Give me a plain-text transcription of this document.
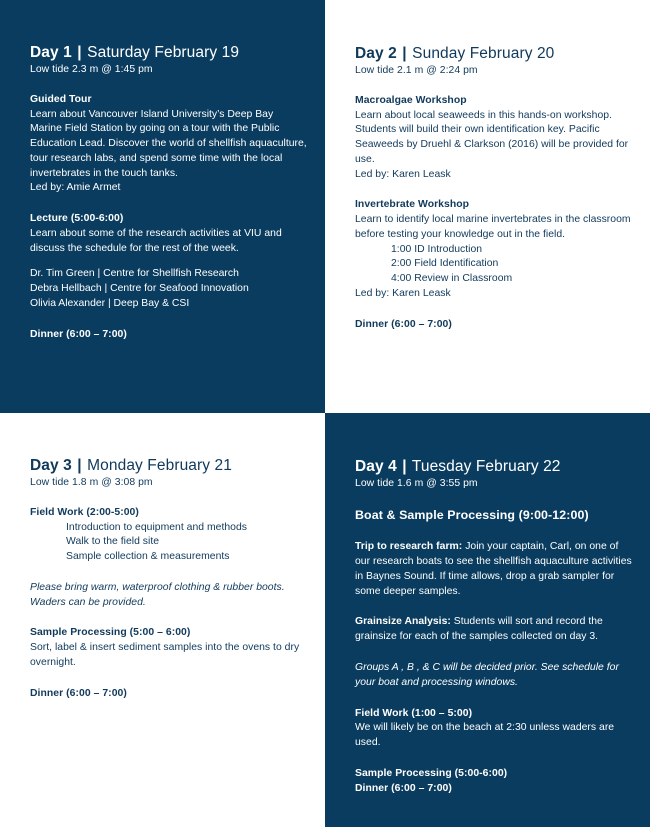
Day 1 | Saturday February 19
Low tide 2.3 m @ 1:45 pm
Guided Tour
Learn about Vancouver Island University’s Deep Bay Marine Field Station by going on a tour with the Public Education Lead. Discover the world of shellfish aquaculture, tour research labs, and spend some time with the local invertebrates in the touch tanks.
Led by: Amie Armet
Lecture (5:00-6:00)
Learn about some of the research activities at VIU and discuss the schedule for the rest of the week.
Dr. Tim Green | Centre for Shellfish Research
Debra Hellbach | Centre for Seafood Innovation
Olivia Alexander | Deep Bay & CSI
Dinner (6:00 – 7:00)
Day 2 | Sunday February 20
Low tide 2.1 m @ 2:24 pm
Macroalgae Workshop
Learn about local seaweeds in this hands-on workshop. Students will build their own identification key. Pacific Seaweeds by Druehl & Clarkson (2016) will be provided for use.
Led by: Karen Leask
Invertebrate Workshop
Learn to identify local marine invertebrates in the classroom before testing your knowledge out in the field.
1:00 ID Introduction
2:00 Field Identification
4:00 Review in Classroom
Led by: Karen Leask
Dinner (6:00 – 7:00)
Day 3 | Monday February 21
Low tide 1.8 m @ 3:08 pm
Field Work (2:00-5:00)
Introduction to equipment and methods
Walk to the field site
Sample collection & measurements
Please bring warm, waterproof clothing & rubber boots. Waders can be provided.
Sample Processing (5:00 – 6:00)
Sort, label & insert sediment samples into the ovens to dry overnight.
Dinner (6:00 – 7:00)
Day 4 | Tuesday February 22
Low tide 1.6 m @ 3:55 pm
Boat & Sample Processing (9:00-12:00)
Trip to research farm: Join your captain, Carl, on one of our research boats to see the shellfish aquaculture activities in Baynes Sound. If time allows, drop a grab sampler for some deeper samples.
Grainsize Analysis: Students will sort and record the grainsize for each of the samples collected on day 3.
Groups A , B , & C will be decided prior. See schedule for your boat and processing windows.
Field Work (1:00 – 5:00)
We will likely be on the beach at 2:30 unless waders are used.
Sample Processing (5:00-6:00)
Dinner (6:00 – 7:00)
